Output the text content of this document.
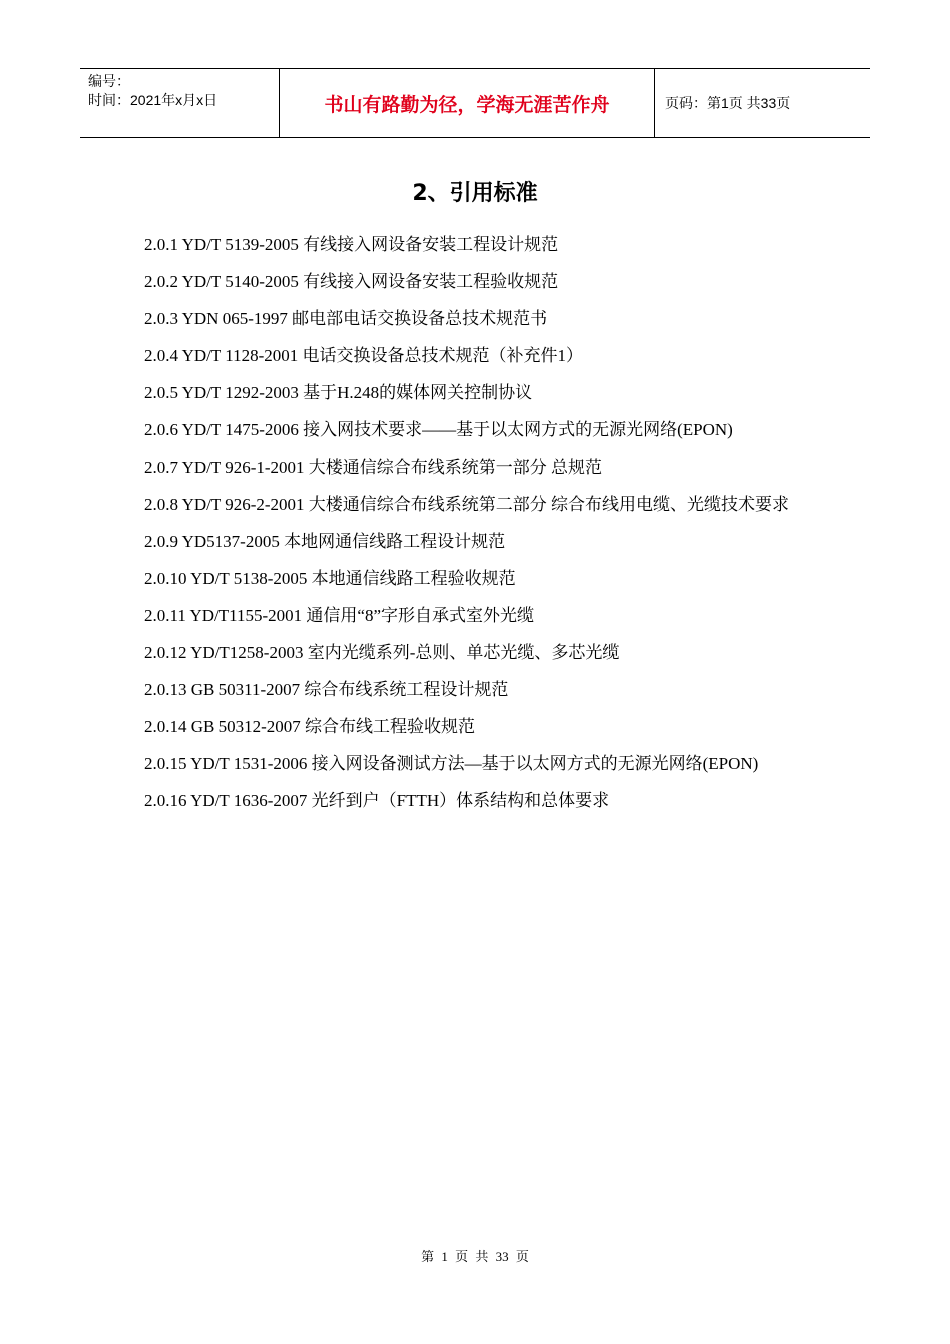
编号：
时间：2021年x月x日	书山有路勤为径，学海无涯苦作舟	页码：第1页 共33页
2、引用标准
2.0.1 YD/T 5139-2005 有线接入网设备安装工程设计规范
2.0.2 YD/T 5140-2005 有线接入网设备安装工程验收规范
2.0.3 YDN 065-1997 邮电部电话交换设备总技术规范书
2.0.4 YD/T 1128-2001 电话交换设备总技术规范（补充件1）
2.0.5 YD/T 1292-2003 基于H.248的媒体网关控制协议
2.0.6 YD/T 1475-2006 接入网技术要求——基于以太网方式的无源光网络(EPON)
2.0.7 YD/T 926-1-2001 大楼通信综合布线系统第一部分 总规范
2.0.8 YD/T 926-2-2001 大楼通信综合布线系统第二部分 综合布线用电缆、光缆技术要求
2.0.9 YD5137-2005 本地网通信线路工程设计规范
2.0.10 YD/T 5138-2005 本地通信线路工程验收规范
2.0.11 YD/T1155-2001 通信用“8”字形自承式室外光缆
2.0.12 YD/T1258-2003 室内光缆系列-总则、单芯光缆、多芯光缆
2.0.13 GB 50311-2007 综合布线系统工程设计规范
2.0.14 GB 50312-2007 综合布线工程验收规范
2.0.15 YD/T 1531-2006 接入网设备测试方法—基于以太网方式的无源光网络(EPON)
2.0.16 YD/T 1636-2007 光纤到户（FTTH）体系结构和总体要求
第 1 页 共 33 页
